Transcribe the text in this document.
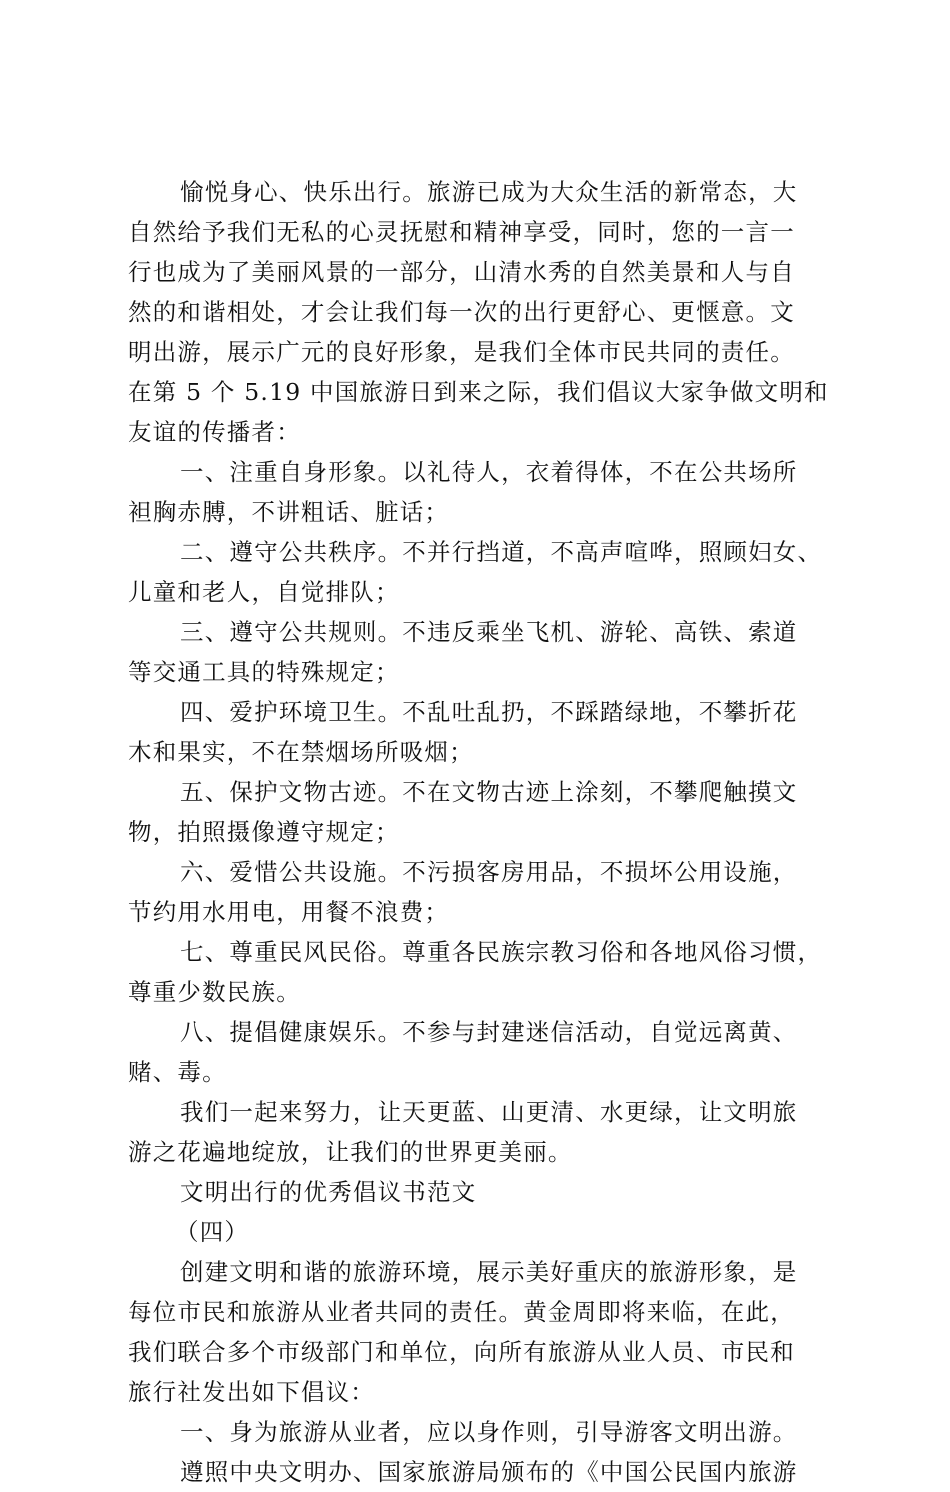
愉悦身心、快乐出行。旅游已成为大众生活的新常态，大
自然给予我们无私的心灵抚慰和精神享受，同时，您的一言一
行也成为了美丽风景的一部分，山清水秀的自然美景和人与自
然的和谐相处，才会让我们每一次的出行更舒心、更惬意。文
明出游，展示广元的良好形象，是我们全体市民共同的责任。
在第 5 个 5.19 中国旅游日到来之际，我们倡议大家争做文明和
友谊的传播者：
一、注重自身形象。以礼待人，衣着得体，不在公共场所
袒胸赤膊，不讲粗话、脏话；
二、遵守公共秩序。不并行挡道，不高声喧哗，照顾妇女、
儿童和老人，自觉排队；
三、遵守公共规则。不违反乘坐飞机、游轮、高铁、索道
等交通工具的特殊规定；
四、爱护环境卫生。不乱吐乱扔，不踩踏绿地，不攀折花
木和果实，不在禁烟场所吸烟；
五、保护文物古迹。不在文物古迹上涂刻，不攀爬触摸文
物，拍照摄像遵守规定；
六、爱惜公共设施。不污损客房用品，不损坏公用设施，
节约用水用电，用餐不浪费；
七、尊重民风民俗。尊重各民族宗教习俗和各地风俗习惯，
尊重少数民族。
八、提倡健康娱乐。不参与封建迷信活动，自觉远离黄、
赌、毒。
我们一起来努力，让天更蓝、山更清、水更绿，让文明旅
游之花遍地绽放，让我们的世界更美丽。
文明出行的优秀倡议书范文
（四）
创建文明和谐的旅游环境，展示美好重庆的旅游形象，是
每位市民和旅游从业者共同的责任。黄金周即将来临，在此，
我们联合多个市级部门和单位，向所有旅游从业人员、市民和
旅行社发出如下倡议：
一、身为旅游从业者，应以身作则，引导游客文明出游。
遵照中央文明办、国家旅游局颁布的《中国公民国内旅游
